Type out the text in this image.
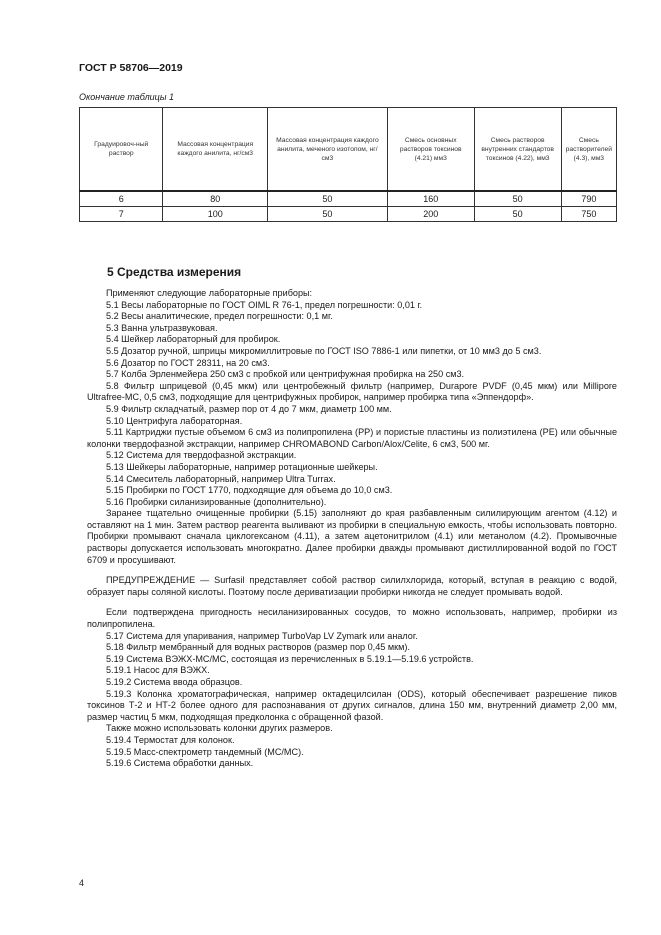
ГОСТ Р 58706—2019
Окончание таблицы 1
Градуировоч-ный раствор	Массовая концентрация каждого анилита, нг/см3	Массовая концентрация каждого анилита, меченого изотопом, нг/см3	Смесь основных растворов токсинов (4.21) мм3	Смесь растворов внутренних стандартов токсинов (4.22), мм3	Смесь растворителей (4.3), мм3
6	80	50	160	50	790
7	100	50	200	50	750
5 Средства измерения

Применяют следующие лабораторные приборы:

5.1 Весы лабораторные по ГОСТ OIML R 76-1, предел погрешности: 0,01 г.

5.2 Весы аналитические, предел погрешности: 0,1 мг.

5.3 Ванна ультразвуковая.

5.4 Шейкер лабораторный для пробирок.

5.5 Дозатор ручной, шприцы микромиллитровые по ГОСТ ISO 7886-1 или пипетки, от 10 мм3 до 5 см3.

5.6 Дозатор по ГОСТ 28311, на 20 см3.

5.7 Колба Эрленмейера 250 см3 с пробкой или центрифужная пробирка на 250 см3.

5.8 Фильтр шприцевой (0,45 мкм) или центробежный фильтр (например, Durapore PVDF (0,45 мкм) или Millipore Ultrafree-MC, 0,5 см3, подходящие для центрифужных пробирок, например пробирка типа «Эппендорф».

5.9 Фильтр складчатый, размер пор от 4 до 7 мкм, диаметр 100 мм.

5.10 Центрифуга лабораторная.

5.11 Картриджи пустые объемом 6 см3 из полипропилена (PP) и пористые пластины из полиэтилена (PE) или обычные колонки твердофазной экстракции, например CHROMABOND Carbon/Alox/Celite, 6 см3, 500 мг.

5.12 Система для твердофазной экстракции.

5.13 Шейкеры лабораторные, например ротационные шейкеры.

5.14 Смеситель лабораторный, например Ultra Turrax.

5.15 Пробирки по ГОСТ 1770, подходящие для объема до 10,0 см3.

5.16 Пробирки силанизированные (дополнительно).

Заранее тщательно очищенные пробирки (5.15) заполняют до края разбавленным силилирующим агентом (4.12) и оставляют на 1 мин. Затем раствор реагента выливают из пробирки в специальную емкость, чтобы использовать повторно. Пробирки промывают сначала циклогексаном (4.11), а затем ацетонитрилом (4.1) или метанолом (4.2). Промывочные растворы допускается использовать многократно. Далее пробирки дважды промывают дистиллированной водой по ГОСТ 6709 и просушивают.

ПРЕДУПРЕЖДЕНИЕ — Surfasil представляет собой раствор силилхлорида, который, вступая в реакцию с водой, образует пары соляной кислоты. Поэтому после дериватизации пробирки никогда не следует промывать водой.

Если подтверждена пригодность несиланизированных сосудов, то можно использовать, например, пробирки из полипропилена.

5.17 Система для упаривания, например TurboVap LV Zymark или аналог.

5.18 Фильтр мембранный для водных растворов (размер пор 0,45 мкм).

5.19 Система ВЭЖХ-МС/МС, состоящая из перечисленных в 5.19.1—5.19.6 устройств.

5.19.1 Насос для ВЭЖХ.

5.19.2 Система ввода образцов.

5.19.3 Колонка хроматографическая, например октадецилсилан (ODS), который обеспечивает разрешение пиков токсинов Т-2 и НТ-2 более одного для распознавания от других сигналов, длина 150 мм, внутренний диаметр 2,00 мм, размер частиц 5 мкм, подходящая предколонка с обращенной фазой.

Также можно использовать колонки других размеров.

5.19.4 Термостат для колонок.

5.19.5 Масс-спектрометр тандемный (МС/МС).

5.19.6 Система обработки данных.

4
